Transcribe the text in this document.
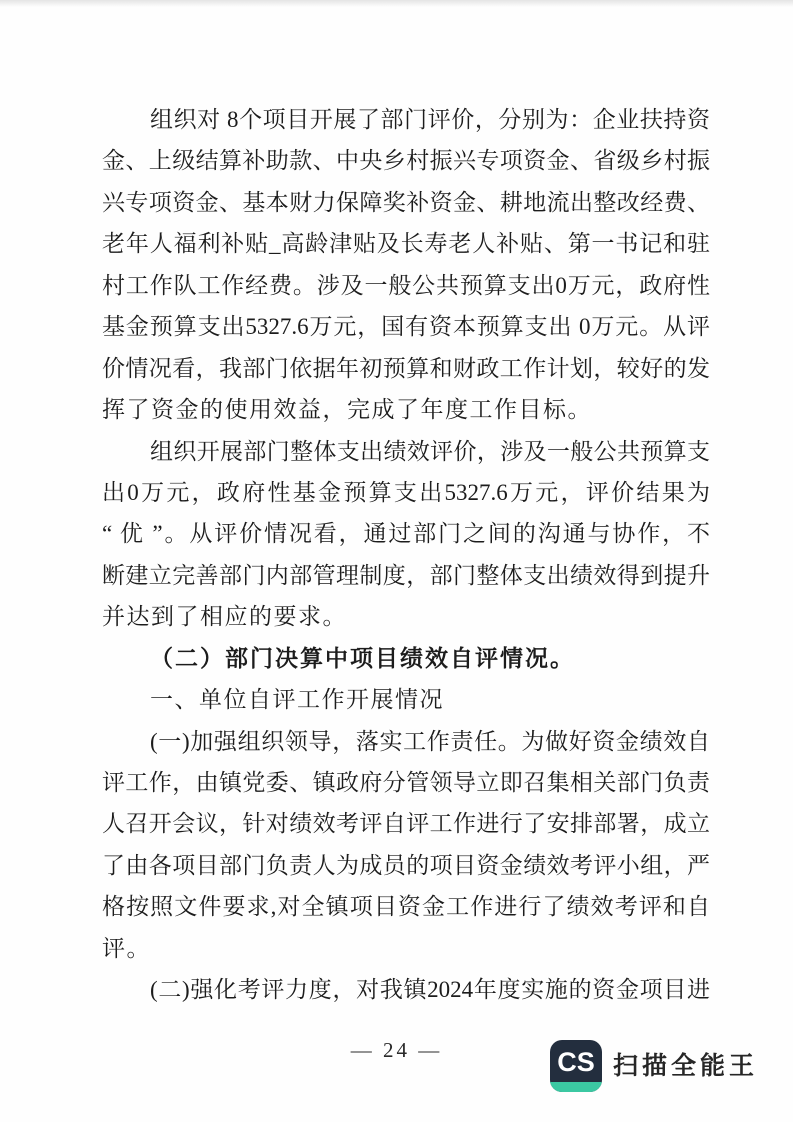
组织对 8个项目开展了部门评价，分别为：企业扶持资
金、上级结算补助款、中央乡村振兴专项资金、省级乡村振
兴专项资金、基本财力保障奖补资金、耕地流出整改经费、
老年人福利补贴_高龄津贴及长寿老人补贴、第一书记和驻
村工作队工作经费。涉及一般公共预算支出0万元，政府性
基金预算支出5327.6万元，国有资本预算支出 0万元。从评
价情况看，我部门依据年初预算和财政工作计划，较好的发
挥了资金的使用效益，完成了年度工作目标。
组织开展部门整体支出绩效评价，涉及一般公共预算支
出0万元，政府性基金预算支出5327.6万元，评价结果为
“ 优 ”。从评价情况看，通过部门之间的沟通与协作，不
断建立完善部门内部管理制度，部门整体支出绩效得到提升
并达到了相应的要求。
（二）部门决算中项目绩效自评情况。
一、单位自评工作开展情况
(一)加强组织领导，落实工作责任。为做好资金绩效自
评工作，由镇党委、镇政府分管领导立即召集相关部门负责
人召开会议，针对绩效考评自评工作进行了安排部署，成立
了由各项目部门负责人为成员的项目资金绩效考评小组，严
格按照文件要求,对全镇项目资金工作进行了绩效考评和自
评。
(二)强化考评力度，对我镇2024年度实施的资金项目进
— 24 —	CS 扫描全能王
